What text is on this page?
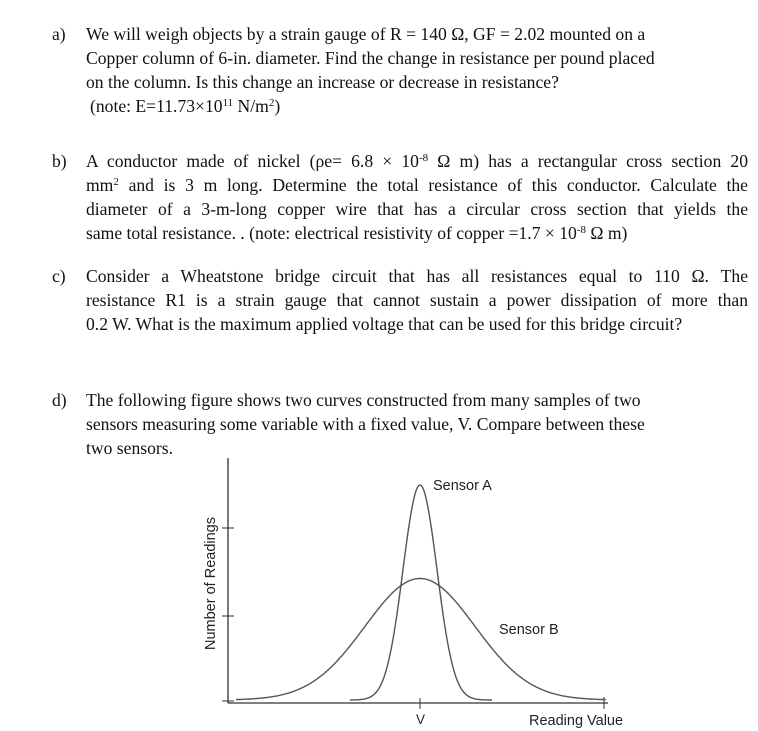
a) We will weigh objects by a strain gauge of R = 140 Ω, GF = 2.02 mounted on a
Copper column of 6-in. diameter. Find the change in resistance per pound placed
on the column. Is this change an increase or decrease in resistance?
(note: $E=11.73\times 10^{11}$ $N/m^2$)
b) A conductor made of nickel ($\rho e= 6.8 \times 10^{-8}$ Ω m) has a rectangular cross section 20
$mm^2$ and is 3 m long. Determine the total resistance of this conductor. Calculate the
diameter of a 3-m-long copper wire that has a circular cross section that yields the
same total resistance. . (note: electrical resistivity of copper $=1.7 \times 10^{-8}$ Ω m)
c) Consider a Wheatstone bridge circuit that has all resistances equal to 110 Ω. The
resistance R1 is a strain gauge that cannot sustain a power dissipation of more than
0.2 W. What is the maximum applied voltage that can be used for this bridge circuit?
d) The following figure shows two curves constructed from many samples of two
sensors measuring some variable with a fixed value, V. Compare between these
two sensors.
Sensor A
Sensor B
V	Reading Value
Number of Readings
